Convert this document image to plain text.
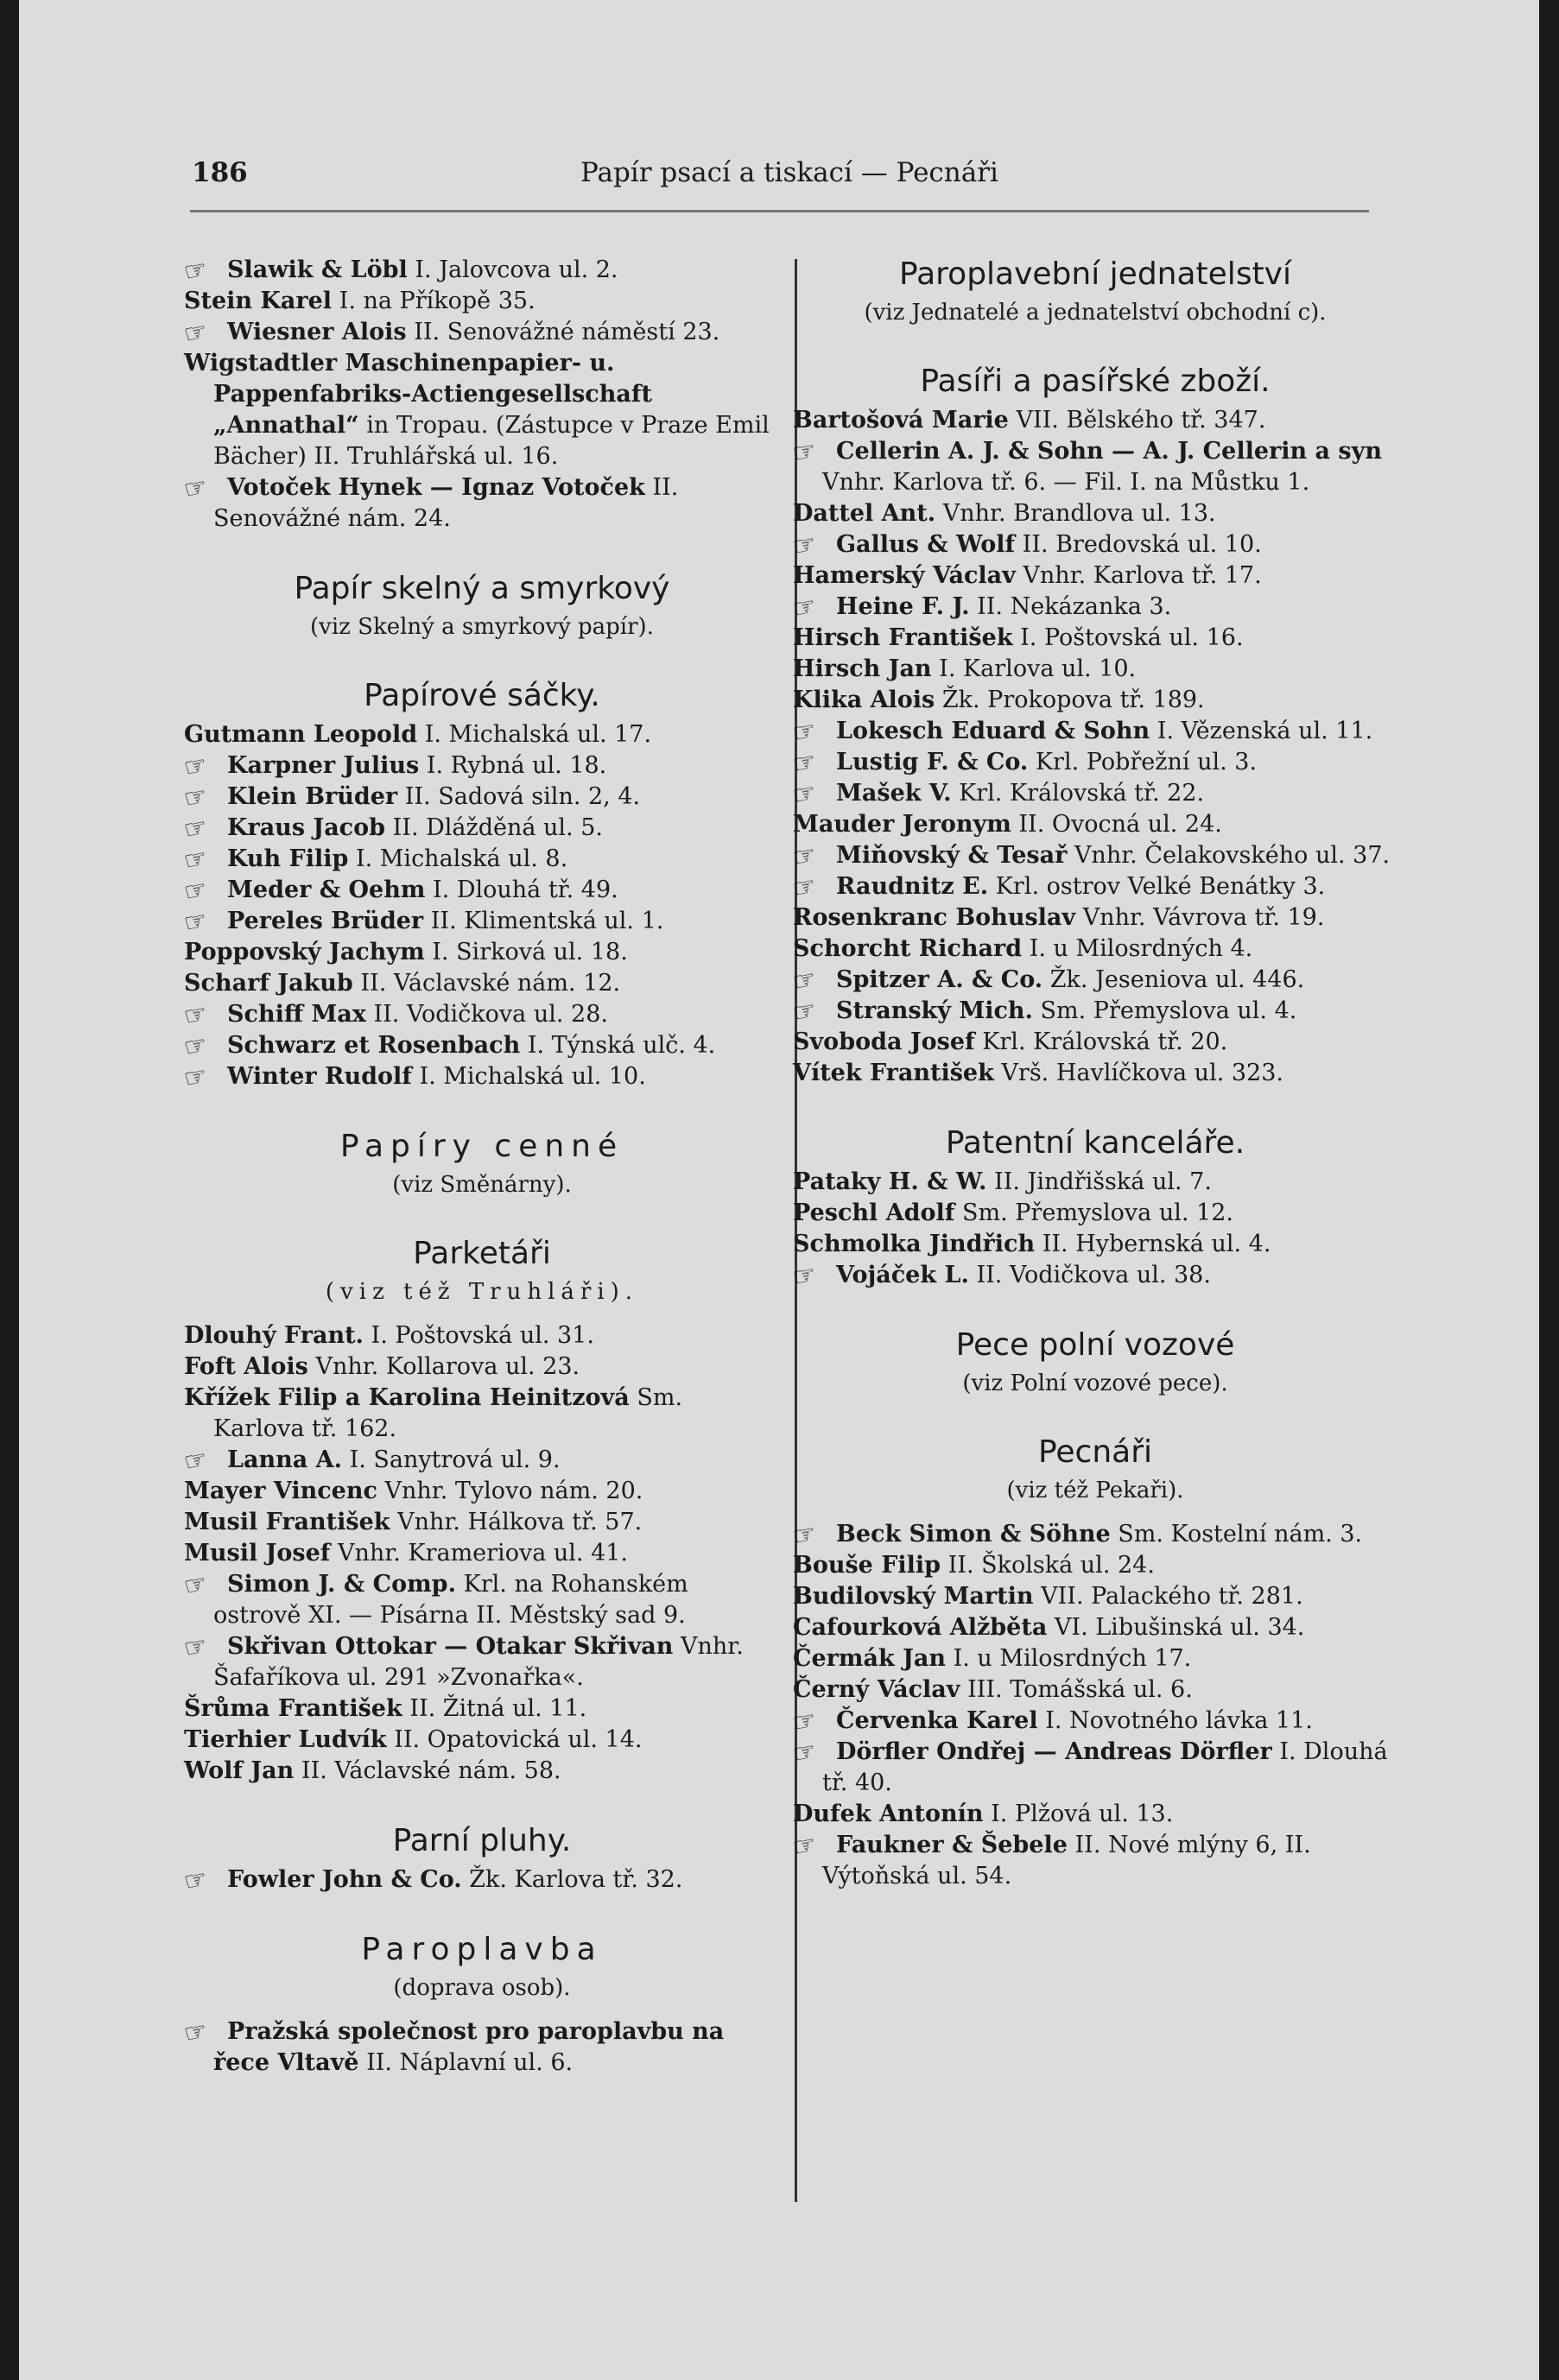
186	Papír psací a tiskací — Pecnáři

☞ Slawik & Löbl I. Jalovcova ul. 2.

Stein Karel I. na Příkopě 35.

☞ Wiesner Alois II. Senovážné náměstí 23.

Wigstadtler Maschinenpapier- u. Pappenfabriks-Actiengesellschaft „Annathal“ in Tropau. (Zástupce v Praze Emil Bächer) II. Truhlářská ul. 16.

☞ Votoček Hynek — Ignaz Votoček II. Senovážné nám. 24.

Papír skelný a smyrkový
(viz Skelný a smyrkový papír).
Papírové sáčky.

Gutmann Leopold I. Michalská ul. 17.

☞ Karpner Julius I. Rybná ul. 18.

☞ Klein Brüder II. Sadová siln. 2, 4.

☞ Kraus Jacob II. Dlážděná ul. 5.

☞ Kuh Filip I. Michalská ul. 8.

☞ Meder & Oehm I. Dlouhá tř. 49.

☞ Pereles Brüder II. Klimentská ul. 1.

Poppovský Jachym I. Sirková ul. 18.

Scharf Jakub II. Václavské nám. 12.

☞ Schiff Max II. Vodičkova ul. 28.

☞ Schwarz et Rosenbach I. Týnská ulč. 4.

☞ Winter Rudolf I. Michalská ul. 10.

Papíry cenné
(viz Směnárny).
Parketáři
(viz též Truhláři).

Dlouhý Frant. I. Poštovská ul. 31.

Foft Alois Vnhr. Kollarova ul. 23.

Křížek Filip a Karolina Heinitzová Sm. Karlova tř. 162.

☞ Lanna A. I. Sanytrová ul. 9.

Mayer Vincenc Vnhr. Tylovo nám. 20.

Musil František Vnhr. Hálkova tř. 57.

Musil Josef Vnhr. Krameriova ul. 41.

☞ Simon J. & Comp. Krl. na Rohanském ostrově XI. — Písárna II. Městský sad 9.

☞ Skřivan Ottokar — Otakar Skřivan Vnhr. Šafaříkova ul. 291 »Zvonařka«.

Šrůma František II. Žitná ul. 11.

Tierhier Ludvík II. Opatovická ul. 14.

Wolf Jan II. Václavské nám. 58.

Parní pluhy.

☞ Fowler John & Co. Žk. Karlova tř. 32.

Paroplavba
(doprava osob).

☞ Pražská společnost pro paroplavbu na řece Vltavě II. Náplavní ul. 6.

Paroplavební jednatelství
(viz Jednatelé a jednatelství obchodní c).
Pasíři a pasířské zboží.

Bartošová Marie VII. Bělského tř. 347.

☞ Cellerin A. J. & Sohn — A. J. Cellerin a syn Vnhr. Karlova tř. 6. — Fil. I. na Můstku 1.

Dattel Ant. Vnhr. Brandlova ul. 13.

☞ Gallus & Wolf II. Bredovská ul. 10.

Hamerský Václav Vnhr. Karlova tř. 17.

☞ Heine F. J. II. Nekázanka 3.

Hirsch František I. Poštovská ul. 16.

Hirsch Jan I. Karlova ul. 10.

Klika Alois Žk. Prokopova tř. 189.

☞ Lokesch Eduard & Sohn I. Vězenská ul. 11.

☞ Lustig F. & Co. Krl. Pobřežní ul. 3.

☞ Mašek V. Krl. Královská tř. 22.

Mauder Jeronym II. Ovocná ul. 24.

☞ Miňovský & Tesař Vnhr. Čelakovského ul. 37.

☞ Raudnitz E. Krl. ostrov Velké Benátky 3.

Rosenkranc Bohuslav Vnhr. Vávrova tř. 19.

Schorcht Richard I. u Milosrdných 4.

☞ Spitzer A. & Co. Žk. Jeseniova ul. 446.

☞ Stranský Mich. Sm. Přemyslova ul. 4.

Svoboda Josef Krl. Královská tř. 20.

Vítek František Vrš. Havlíčkova ul. 323.

Patentní kanceláře.

Pataky H. & W. II. Jindřišská ul. 7.

Peschl Adolf Sm. Přemyslova ul. 12.

Schmolka Jindřich II. Hybernská ul. 4.

☞ Vojáček L. II. Vodičkova ul. 38.

Pece polní vozové
(viz Polní vozové pece).
Pecnáři
(viz též Pekaři).

☞ Beck Simon & Söhne Sm. Kostelní nám. 3.

Bouše Filip II. Školská ul. 24.

Budilovský Martin VII. Palackého tř. 281.

Cafourková Alžběta VI. Libušinská ul. 34.

Čermák Jan I. u Milosrdných 17.

Černý Václav III. Tomášská ul. 6.

☞ Červenka Karel I. Novotného lávka 11.

☞ Dörfler Ondřej — Andreas Dörfler I. Dlouhá tř. 40.

Dufek Antonín I. Plžová ul. 13.

☞ Faukner & Šebele II. Nové mlýny 6, II. Výtoňská ul. 54.
